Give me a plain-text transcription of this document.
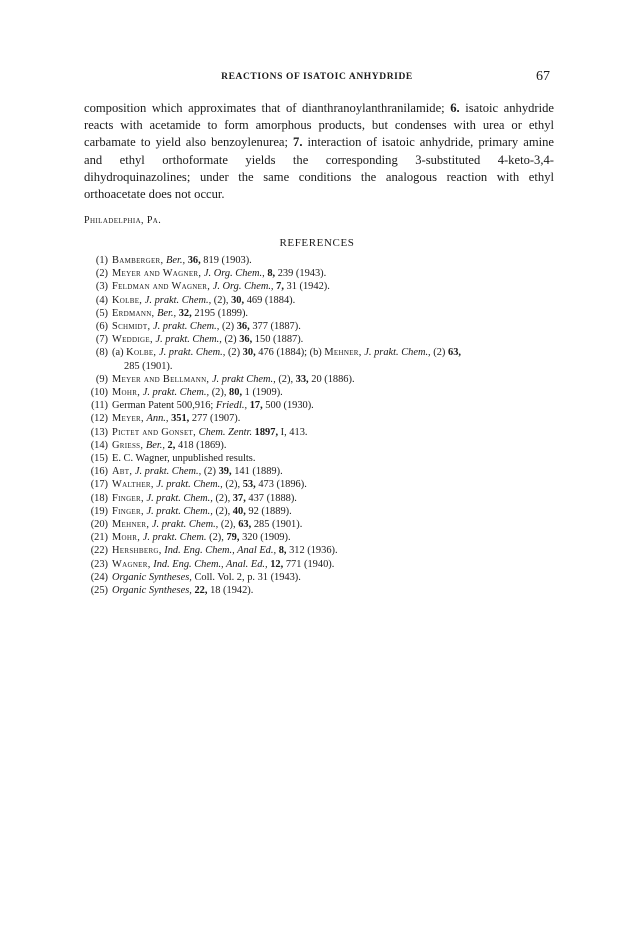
REACTIONS OF ISATOIC ANHYDRIDE	67

composition which approximates that of dianthranoylanthranilamide; 6. isatoic anhydride reacts with acetamide to form amorphous products, but condenses with urea or ethyl carbamate to yield also benzoylenurea; 7. interaction of isatoic anhydride, primary amine and ethyl orthoformate yields the corresponding 3-substituted 4-keto-3,4-dihydroquinazolines; under the same conditions the analogous reaction with ethyl orthoacetate does not occur.

Philadelphia, Pa.
REFERENCES
(1) Bamberger, Ber., 36, 819 (1903).
(2) Meyer and Wagner, J. Org. Chem., 8, 239 (1943).
(3) Feldman and Wagner, J. Org. Chem., 7, 31 (1942).
(4) Kolbe, J. prakt. Chem., (2), 30, 469 (1884).
(5) Erdmann, Ber., 32, 2195 (1899).
(6) Schmidt, J. prakt. Chem., (2) 36, 377 (1887).
(7) Weddige, J. prakt. Chem., (2) 36, 150 (1887).
(8) (a) Kolbe, J. prakt. Chem., (2) 30, 476 (1884); (b) Mehner, J. prakt. Chem., (2) 63,
285 (1901).
(9) Meyer and Bellmann, J. prakt Chem., (2), 33, 20 (1886).
(10) Mohr, J. prakt. Chem., (2), 80, 1 (1909).
(11) German Patent 500,916; Friedl., 17, 500 (1930).
(12) Meyer, Ann., 351, 277 (1907).
(13) Pictet and Gonset, Chem. Zentr. 1897, I, 413.
(14) Griess, Ber., 2, 418 (1869).
(15) E. C. Wagner, unpublished results.
(16) Abt, J. prakt. Chem., (2) 39, 141 (1889).
(17) Walther, J. prakt. Chem., (2), 53, 473 (1896).
(18) Finger, J. prakt. Chem., (2), 37, 437 (1888).
(19) Finger, J. prakt. Chem., (2), 40, 92 (1889).
(20) Mehner, J. prakt. Chem., (2), 63, 285 (1901).
(21) Mohr, J. prakt. Chem. (2), 79, 320 (1909).
(22) Hershberg, Ind. Eng. Chem., Anal Ed., 8, 312 (1936).
(23) Wagner, Ind. Eng. Chem., Anal. Ed., 12, 771 (1940).
(24) Organic Syntheses, Coll. Vol. 2, p. 31 (1943).
(25) Organic Syntheses, 22, 18 (1942).
